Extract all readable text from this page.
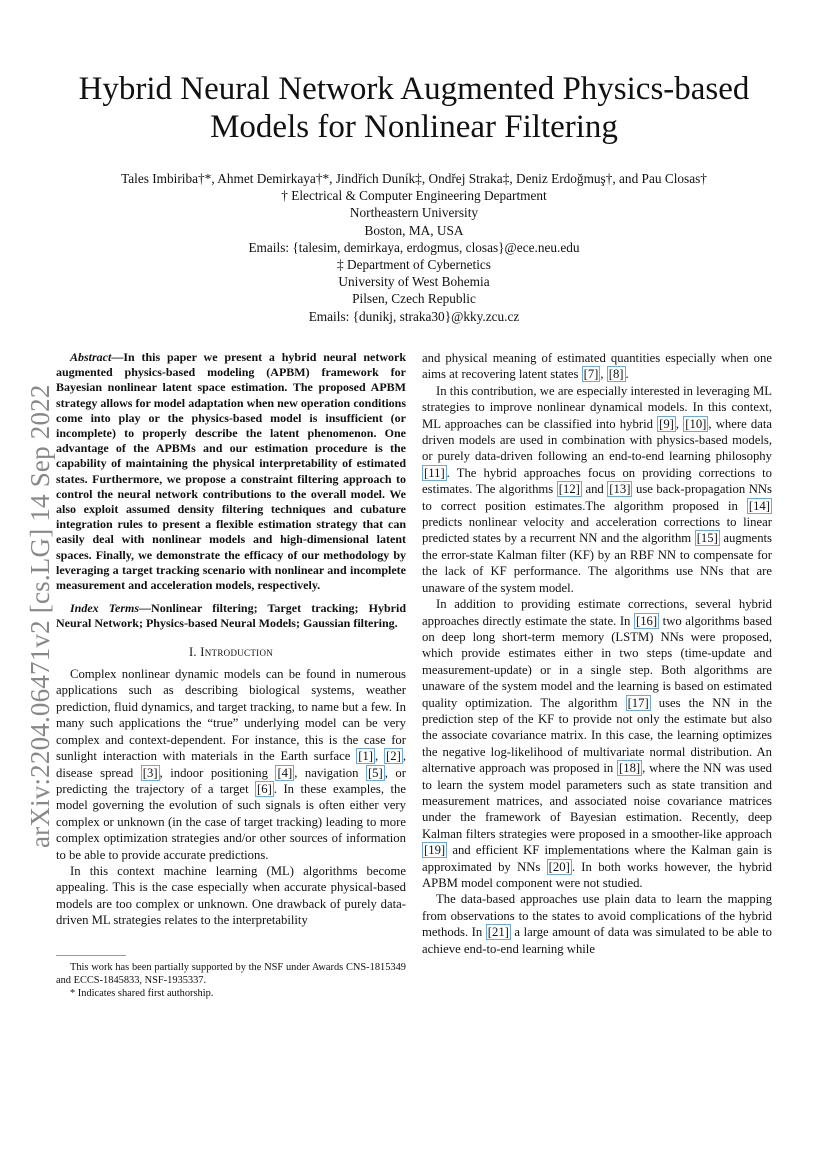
Hybrid Neural Network Augmented Physics-based
Models for Nonlinear Filtering
Tales Imbiriba†*, Ahmet Demirkaya†*, Jindřich Duník‡, Ondřej Straka‡, Deniz Erdoğmuş†, and Pau Closas†
† Electrical & Computer Engineering Department
Northeastern University
Boston, MA, USA
Emails: {talesim, demirkaya, erdogmus, closas}@ece.neu.edu
‡ Department of Cybernetics
University of West Bohemia
Pilsen, Czech Republic
Emails: {dunikj, straka30}@kky.zcu.cz
arXiv:2204.06471v2 [cs.LG] 14 Sep 2022

Abstract—In this paper we present a hybrid neural network augmented physics-based modeling (APBM) framework for Bayesian nonlinear latent space estimation. The proposed APBM strategy allows for model adaptation when new operation conditions come into play or the physics-based model is insufficient (or incomplete) to properly describe the latent phenomenon. One advantage of the APBMs and our estimation procedure is the capability of maintaining the physical interpretability of estimated states. Furthermore, we propose a constraint filtering approach to control the neural network contributions to the overall model. We also exploit assumed density filtering techniques and cubature integration rules to present a flexible estimation strategy that can easily deal with nonlinear models and high-dimensional latent spaces. Finally, we demonstrate the efficacy of our methodology by leveraging a target tracking scenario with nonlinear and incomplete measurement and acceleration models, respectively.

Index Terms—Nonlinear filtering; Target tracking; Hybrid Neural Network; Physics-based Neural Models; Gaussian filtering.

I. Introduction

Complex nonlinear dynamic models can be found in numerous applications such as describing biological systems, weather prediction, fluid dynamics, and target tracking, to name but a few. In many such applications the “true” underlying model can be very complex and context-dependent. For instance, this is the case for sunlight interaction with materials in the Earth surface [1] , [2] , disease spread [3] , indoor positioning [4] , navigation [5] , or predicting the trajectory of a target [6] . In these examples, the model governing the evolution of such signals is often either very complex or unknown (in the case of target tracking) leading to more complex optimization strategies and/or other sources of information to be able to provide accurate predictions.

In this context machine learning (ML) algorithms become appealing. This is the case especially when accurate physical-based models are too complex or unknown. One drawback of purely data-driven ML strategies relates to the interpretability

This work has been partially supported by the NSF under Awards CNS-1815349 and ECCS-1845833, NSF-1935337.

* Indicates shared first authorship.

and physical meaning of estimated quantities especially when one aims at recovering latent states [7] , [8] .

In this contribution, we are especially interested in leveraging ML strategies to improve nonlinear dynamical models. In this context, ML approaches can be classified into hybrid [9] , [10] , where data driven models are used in combination with physics-based models, or purely data-driven following an end-to-end learning philosophy [11] . The hybrid approaches focus on providing corrections to estimates. The algorithms [12] and [13] use back-propagation NNs to correct position estimates.The algorithm proposed in [14] predicts nonlinear velocity and acceleration corrections to linear predicted states by a recurrent NN and the algorithm [15] augments the error-state Kalman filter (KF) by an RBF NN to compensate for the lack of KF performance. The algorithms use NNs that are unaware of the system model.

In addition to providing estimate corrections, several hybrid approaches directly estimate the state. In [16] two algorithms based on deep long short-term memory (LSTM) NNs were proposed, which provide estimates either in two steps (time-update and measurement-update) or in a single step. Both algorithms are unaware of the system model and the learning is based on estimated quality optimization. The algorithm [17] uses the NN in the prediction step of the KF to provide not only the estimate but also the associate covariance matrix. In this case, the learning optimizes the negative log-likelihood of multivariate normal distribution. An alternative approach was proposed in [18] , where the NN was used to learn the system model parameters such as state transition and measurement matrices, and associated noise covariance matrices under the framework of Bayesian estimation. Recently, deep Kalman filters strategies were proposed in a smoother-like approach [19] and efficient KF implementations where the Kalman gain is approximated by NNs [20] . In both works however, the hybrid APBM model component were not studied.

The data-based approaches use plain data to learn the mapping from observations to the states to avoid complications of the hybrid methods. In [21] a large amount of data was simulated to be able to achieve end-to-end learning while
